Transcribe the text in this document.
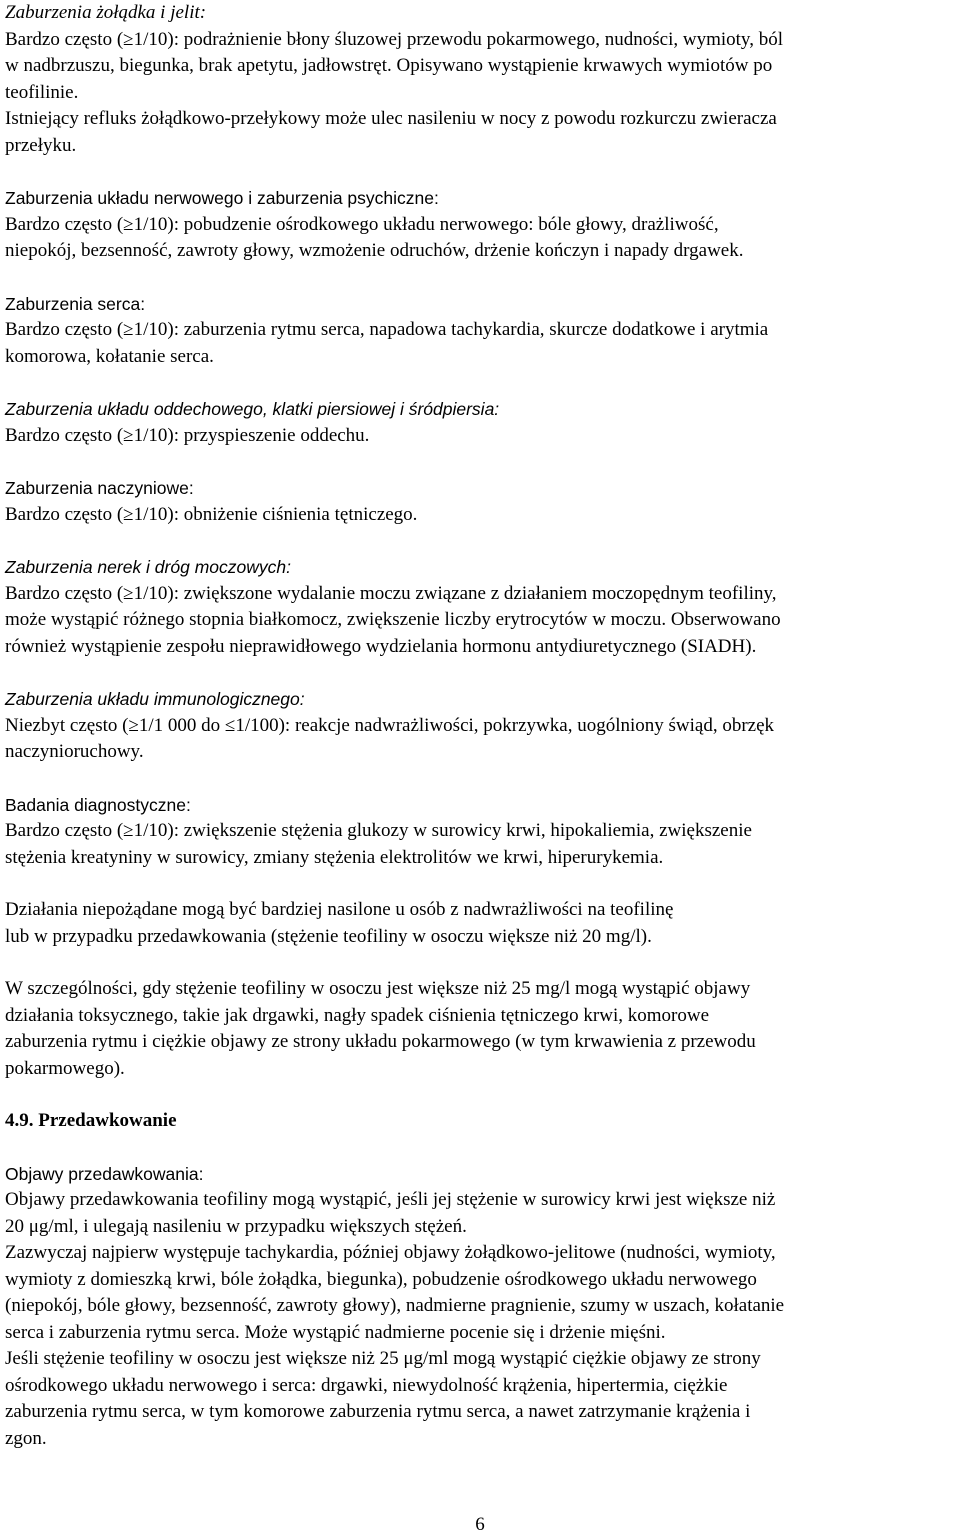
Zaburzenia żołądka i jelit:
Bardzo często (≥1/10): podrażnienie błony śluzowej przewodu pokarmowego, nudności, wymioty, ból
w nadbrzuszu, biegunka, brak apetytu, jadłowstręt. Opisywano wystąpienie krwawych wymiotów po
teofilinie.
Istniejący refluks żołądkowo-przełykowy może ulec nasileniu w nocy z powodu rozkurczu zwieracza
przełyku.
Zaburzenia układu nerwowego i zaburzenia psychiczne:
Bardzo często (≥1/10): pobudzenie ośrodkowego układu nerwowego: bóle głowy, drażliwość,
niepokój, bezsenność, zawroty głowy, wzmożenie odruchów, drżenie kończyn i napady drgawek.
Zaburzenia serca:
Bardzo często (≥1/10): zaburzenia rytmu serca, napadowa tachykardia, skurcze dodatkowe i arytmia
komorowa, kołatanie serca.
Zaburzenia układu oddechowego, klatki piersiowej i śródpiersia:
Bardzo często (≥1/10): przyspieszenie oddechu.
Zaburzenia naczyniowe:
Bardzo często (≥1/10): obniżenie ciśnienia tętniczego.
Zaburzenia nerek i dróg moczowych:
Bardzo często (≥1/10): zwiększone wydalanie moczu związane z działaniem moczopędnym teofiliny,
może wystąpić różnego stopnia białkomocz, zwiększenie liczby erytrocytów w moczu. Obserwowano
również wystąpienie zespołu nieprawidłowego wydzielania hormonu antydiuretycznego (SIADH).
Zaburzenia układu immunologicznego:
Niezbyt często (≥1/1 000 do ≤1/100): reakcje nadwrażliwości, pokrzywka, uogólniony świąd, obrzęk
naczynioruchowy.
Badania diagnostyczne:
Bardzo często (≥1/10): zwiększenie stężenia glukozy w surowicy krwi, hipokaliemia, zwiększenie
stężenia kreatyniny w surowicy, zmiany stężenia elektrolitów we krwi, hiperurykemia.
Działania niepożądane mogą być bardziej nasilone u osób z nadwrażliwości na teofilinę
lub w przypadku przedawkowania (stężenie teofiliny w osoczu większe niż 20 mg/l).
W szczególności, gdy stężenie teofiliny w osoczu jest większe niż 25 mg/l mogą wystąpić objawy
działania toksycznego, takie jak drgawki, nagły spadek ciśnienia tętniczego krwi, komorowe
zaburzenia rytmu i ciężkie objawy ze strony układu pokarmowego (w tym krwawienia z przewodu
pokarmowego).
4.9. Przedawkowanie
Objawy przedawkowania:
Objawy przedawkowania teofiliny mogą wystąpić, jeśli jej stężenie w surowicy krwi jest większe niż
20 μg/ml, i ulegają nasileniu w przypadku większych stężeń.
Zazwyczaj najpierw występuje tachykardia, później objawy żołądkowo-jelitowe (nudności, wymioty,
wymioty z domieszką krwi, bóle żołądka, biegunka), pobudzenie ośrodkowego układu nerwowego
(niepokój, bóle głowy, bezsenność, zawroty głowy), nadmierne pragnienie, szumy w uszach, kołatanie
serca i zaburzenia rytmu serca. Może wystąpić nadmierne pocenie się i drżenie mięśni.
Jeśli stężenie teofiliny w osoczu jest większe niż 25 μg/ml mogą wystąpić ciężkie objawy ze strony
ośrodkowego układu nerwowego i serca: drgawki, niewydolność krążenia, hipertermia, ciężkie
zaburzenia rytmu serca, w tym komorowe zaburzenia rytmu serca, a nawet zatrzymanie krążenia i
zgon.
6
